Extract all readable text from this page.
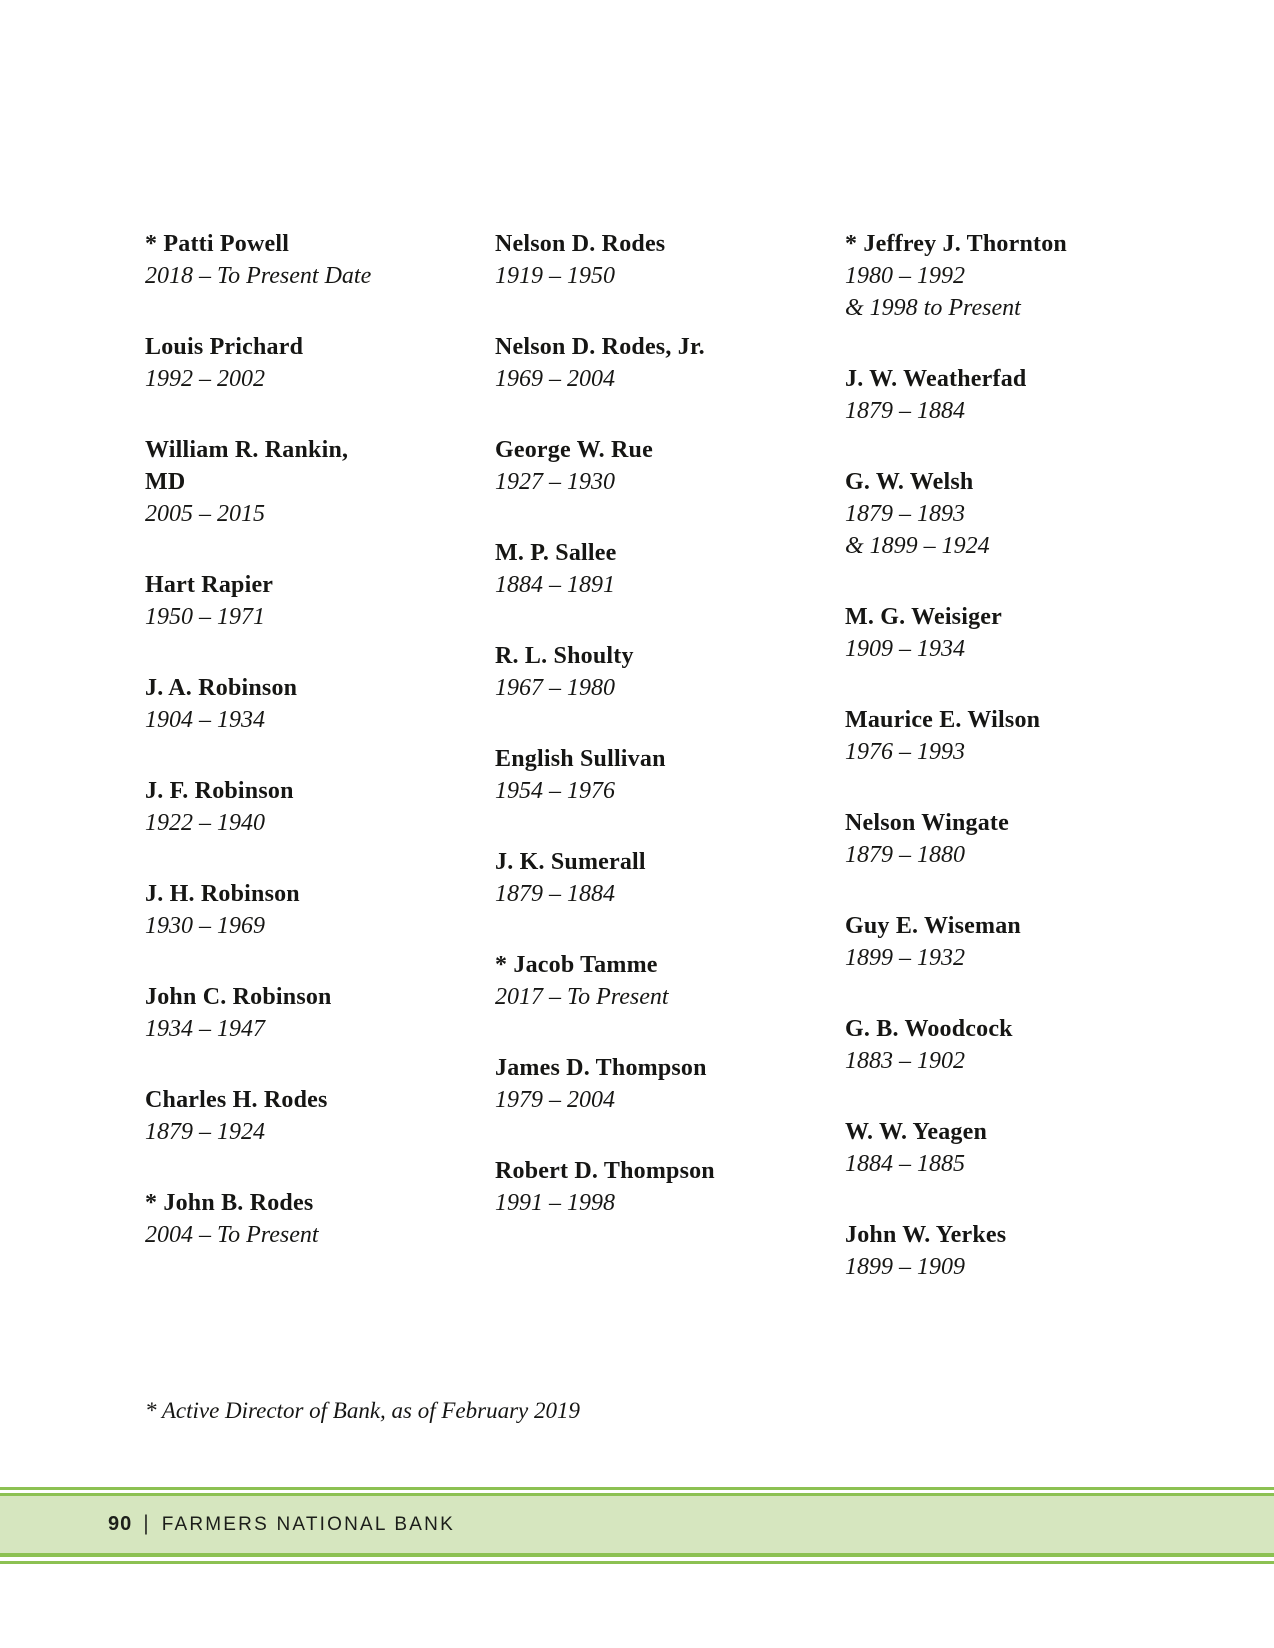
* Patti Powell
2018 – To Present Date
Louis Prichard
1992 – 2002
William R. Rankin,
MD
2005 – 2015
Hart Rapier
1950 – 1971
J. A. Robinson
1904 – 1934
J. F. Robinson
1922 – 1940
J. H. Robinson
1930 – 1969
John C. Robinson
1934 – 1947
Charles H. Rodes
1879 – 1924
* John B. Rodes
2004 – To Present
Nelson D. Rodes
1919 – 1950
Nelson D. Rodes, Jr.
1969 – 2004
George W. Rue
1927 – 1930
M. P. Sallee
1884 – 1891
R. L. Shoulty
1967 – 1980
English Sullivan
1954 – 1976
J. K. Sumerall
1879 – 1884
* Jacob Tamme
2017 – To Present
James D. Thompson
1979 – 2004
Robert D. Thompson
1991 – 1998
* Jeffrey J. Thornton
1980 – 1992
& 1998 to Present
J. W. Weatherfad
1879 – 1884
G. W. Welsh
1879 – 1893
& 1899 – 1924
M. G. Weisiger
1909 – 1934
Maurice E. Wilson
1976 – 1993
Nelson Wingate
1879 – 1880
Guy E. Wiseman
1899 – 1932
G. B. Woodcock
1883 – 1902
W. W. Yeagen
1884 – 1885
John W. Yerkes
1899 – 1909
* Active Director of Bank, as of February 2019
90 | FARMERS NATIONAL BANK
